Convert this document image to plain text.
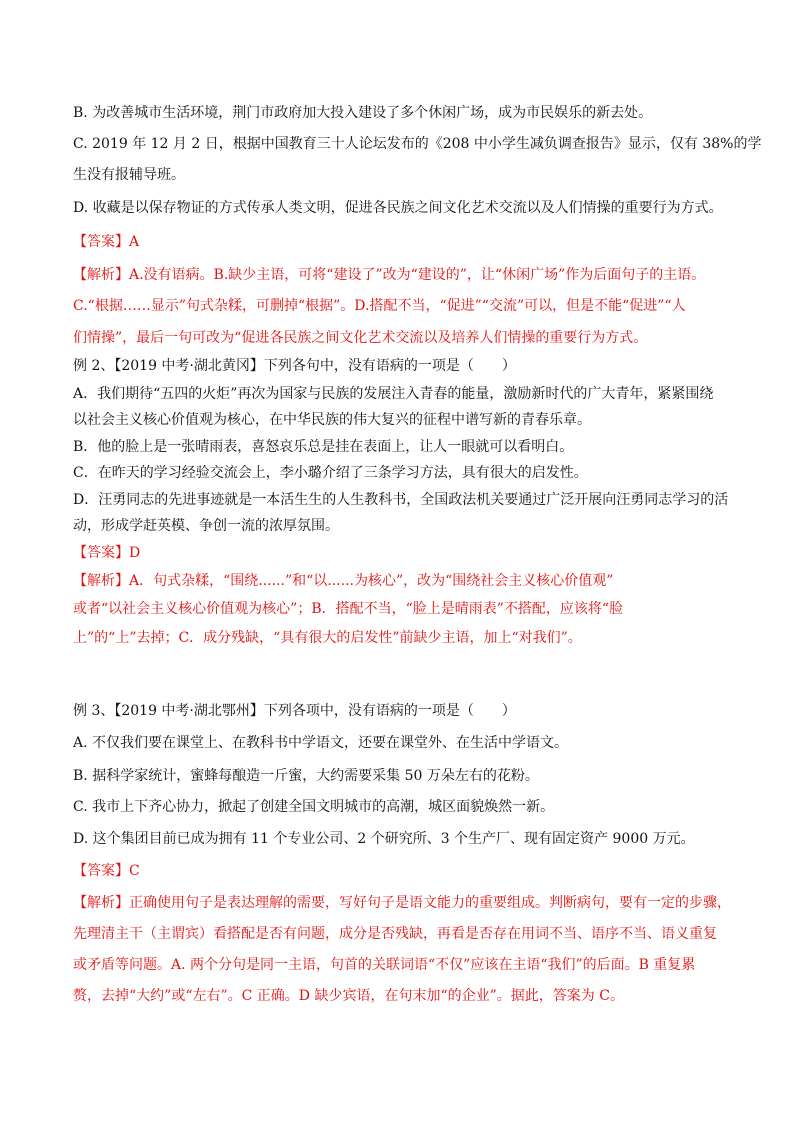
B. 为改善城市生活环境，荆门市政府加大投入建设了多个休闲广场，成为市民娱乐的新去处。
C. 2019 年 12 月 2 日，根据中国教育三十人论坛发布的《208 中小学生减负调查报告》显示，仅有 38%的学
生没有报辅导班。
D. 收藏是以保存物证的方式传承人类文明，促进各民族之间文化艺术交流以及人们情操的重要行为方式。
【答案】A
【解析】A.没有语病。B.缺少主语，可将“建设了”改为“建设的”，让“休闲广场”作为后面句子的主语。
C.“根据……显示”句式杂糅，可删掉“根据”。D.搭配不当，“促进”“交流”可以，但是不能“促进”“人
们情操”，最后一句可改为“促进各民族之间文化艺术交流以及培养人们情操的重要行为方式。
例 2、【2019 中考·湖北黄冈】下列各句中，没有语病的一项是（　　）
A．我们期待“五四的火炬”再次为国家与民族的发展注入青春的能量，激励新时代的广大青年，紧紧围绕
以社会主义核心价值观为核心，在中华民族的伟大复兴的征程中谱写新的青春乐章。
B．他的脸上是一张晴雨表，喜怒哀乐总是挂在表面上，让人一眼就可以看明白。
C．在昨天的学习经验交流会上，李小璐介绍了三条学习方法，具有很大的启发性。
D．汪勇同志的先进事迹就是一本活生生的人生教科书，全国政法机关要通过广泛开展向汪勇同志学习的活
动，形成学赶英模、争创一流的浓厚氛围。
【答案】D
【解析】A．句式杂糅，“围绕......”和“以......为核心”，改为“围绕社会主义核心价值观”
或者“以社会主义核心价值观为核心”；B．搭配不当，“脸上是晴雨表”不搭配，应该将“脸
上”的“上”去掉；C．成分残缺，“具有很大的启发性”前缺少主语，加上“对我们”。
例 3、【2019 中考·湖北鄂州】下列各项中，没有语病的一项是（　　）
A. 不仅我们要在课堂上、在教科书中学语文，还要在课堂外、在生活中学语文。
B. 据科学家统计，蜜蜂每酿造一斤蜜，大约需要采集 50 万朵左右的花粉。
C. 我市上下齐心协力，掀起了创建全国文明城市的高潮，城区面貌焕然一新。
D. 这个集团目前已成为拥有 11 个专业公司、2 个研究所、3 个生产厂、现有固定资产 9000 万元。
【答案】C
【解析】正确使用句子是表达理解的需要，写好句子是语文能力的重要组成。判断病句，要有一定的步骤，
先理清主干（主谓宾）看搭配是否有问题，成分是否残缺，再看是否存在用词不当、语序不当、语义重复
或矛盾等问题。A. 两个分句是同一主语，句首的关联词语“不仅”应该在主语“我们”的后面。B 重复累
赘，去掉“大约”或“左右”。C 正确。D 缺少宾语，在句末加“的企业”。据此，答案为 C。
